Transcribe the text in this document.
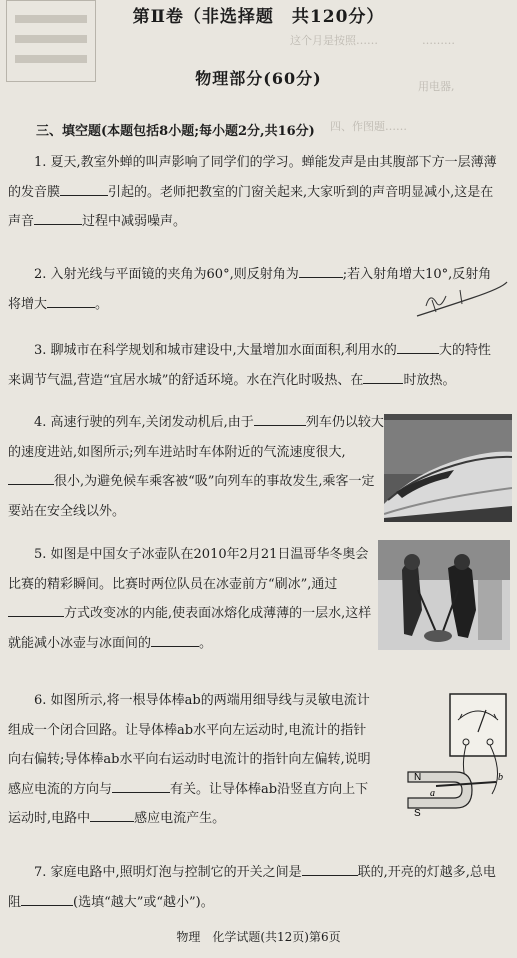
这个月是按照……　　　　………
用电器,
四、作图题……
第Ⅱ卷（非选择题　共120分）
物理部分(60分)
三、填空题(本题包括8小题;每小题2分,共16分)
1. 夏天,教室外蝉的叫声影响了同学们的学习。蝉能发声是由其腹部下方一层薄薄的发音膜	引起的。老师把教室的门窗关起来,大家听到的声音明显减小,这是在声音	过程中减弱噪声。
2. 入射光线与平面镜的夹角为60°,则反射角为	;若入射角增大10°,反射角将增大	。
3. 聊城市在科学规划和城市建设中,大量增加水面面积,利用水的	大的特性来调节气温,营造“宜居水城”的舒适环境。水在汽化时吸热、在	时放热。
4. 高速行驶的列车,关闭发动机后,由于	列车仍以较大的速度进站,如图所示;列车进站时车体附近的气流速度很大,很小,为避免候车乘客被“吸”向列车的事故发生,乘客一定要站在安全线以外。
5. 如图是中国女子冰壶队在2010年2月21日温哥华冬奥会比赛的精彩瞬间。比赛时两位队员在冰壶前方“刷冰”,通过方式改变冰的内能,使表面冰熔化成薄薄的一层水,这样就能减小冰壶与冰面间的	。
6. 如图所示,将一根导体棒ab的两端用细导线与灵敏电流计组成一个闭合回路。让导体棒ab水平向左运动时,电流计的指针向右偏转;导体棒ab水平向右运动时电流计的指针向左偏转,说明感应电流的方向与	有关。让导体棒ab沿竖直方向上下运动时,电路中	感应电流产生。
N
S
a
b
7. 家庭电路中,照明灯泡与控制它的开关之间是	联的,开亮的灯越多,总电阻	(选填“越大”或“越小”)。
物理　化学试题(共12页)第6页
